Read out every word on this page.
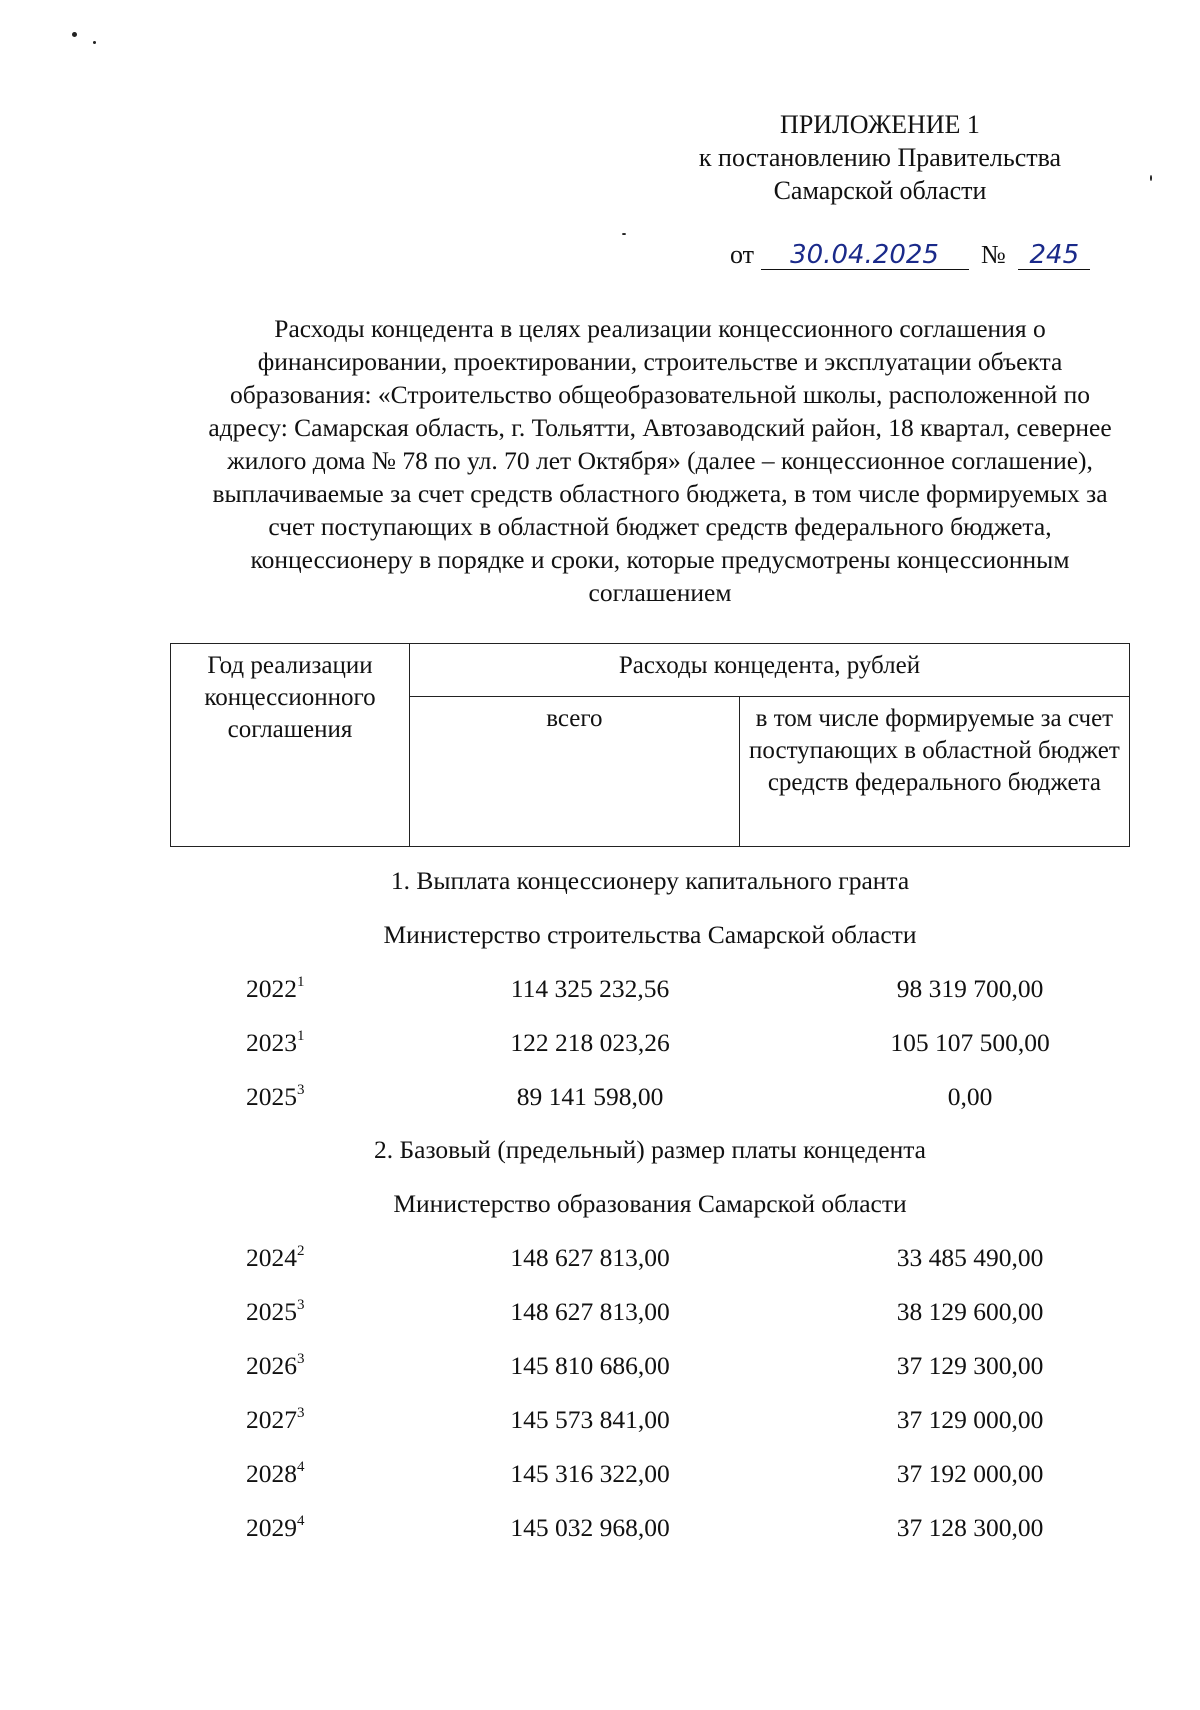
ПРИЛОЖЕНИЕ 1
к постановлению Правительства
Самарской области
от 30.04.2025 № 245
Расходы концедента в целях реализации концессионного соглашения о финансировании, проектировании, строительстве и эксплуатации объекта образования: «Строительство общеобразовательной школы, расположенной по адресу: Самарская область, г. Тольятти, Автозаводский район, 18 квартал, севернее жилого дома № 78 по ул. 70 лет Октября» (далее – концессионное соглашение), выплачиваемые за счет средств областного бюджета, в том числе формируемых за счет поступающих в областной бюджет средств федерального бюджета, концессионеру в порядке и сроки, которые предусмотрены концессионным соглашением
Год реализации концессионного соглашения	Расходы концедента, рублей	
	всего	в том числе формируемые за счет поступающих в областной бюджет средств федерального бюджета
1. Выплата концессионеру капитального гранта
Министерство строительства Самарской области
2022$^1$	114 325 232,56	98 319 700,00
2023$^1$	122 218 023,26	105 107 500,00
2025$^3$	89 141 598,00	0,00
2. Базовый (предельный) размер платы концедента
Министерство образования Самарской области
2024$^2$	148 627 813,00	33 485 490,00
2025$^3$	148 627 813,00	38 129 600,00
2026$^3$	145 810 686,00	37 129 300,00
2027$^3$	145 573 841,00	37 129 000,00
2028$^4$	145 316 322,00	37 192 000,00
2029$^4$	145 032 968,00	37 128 300,00
